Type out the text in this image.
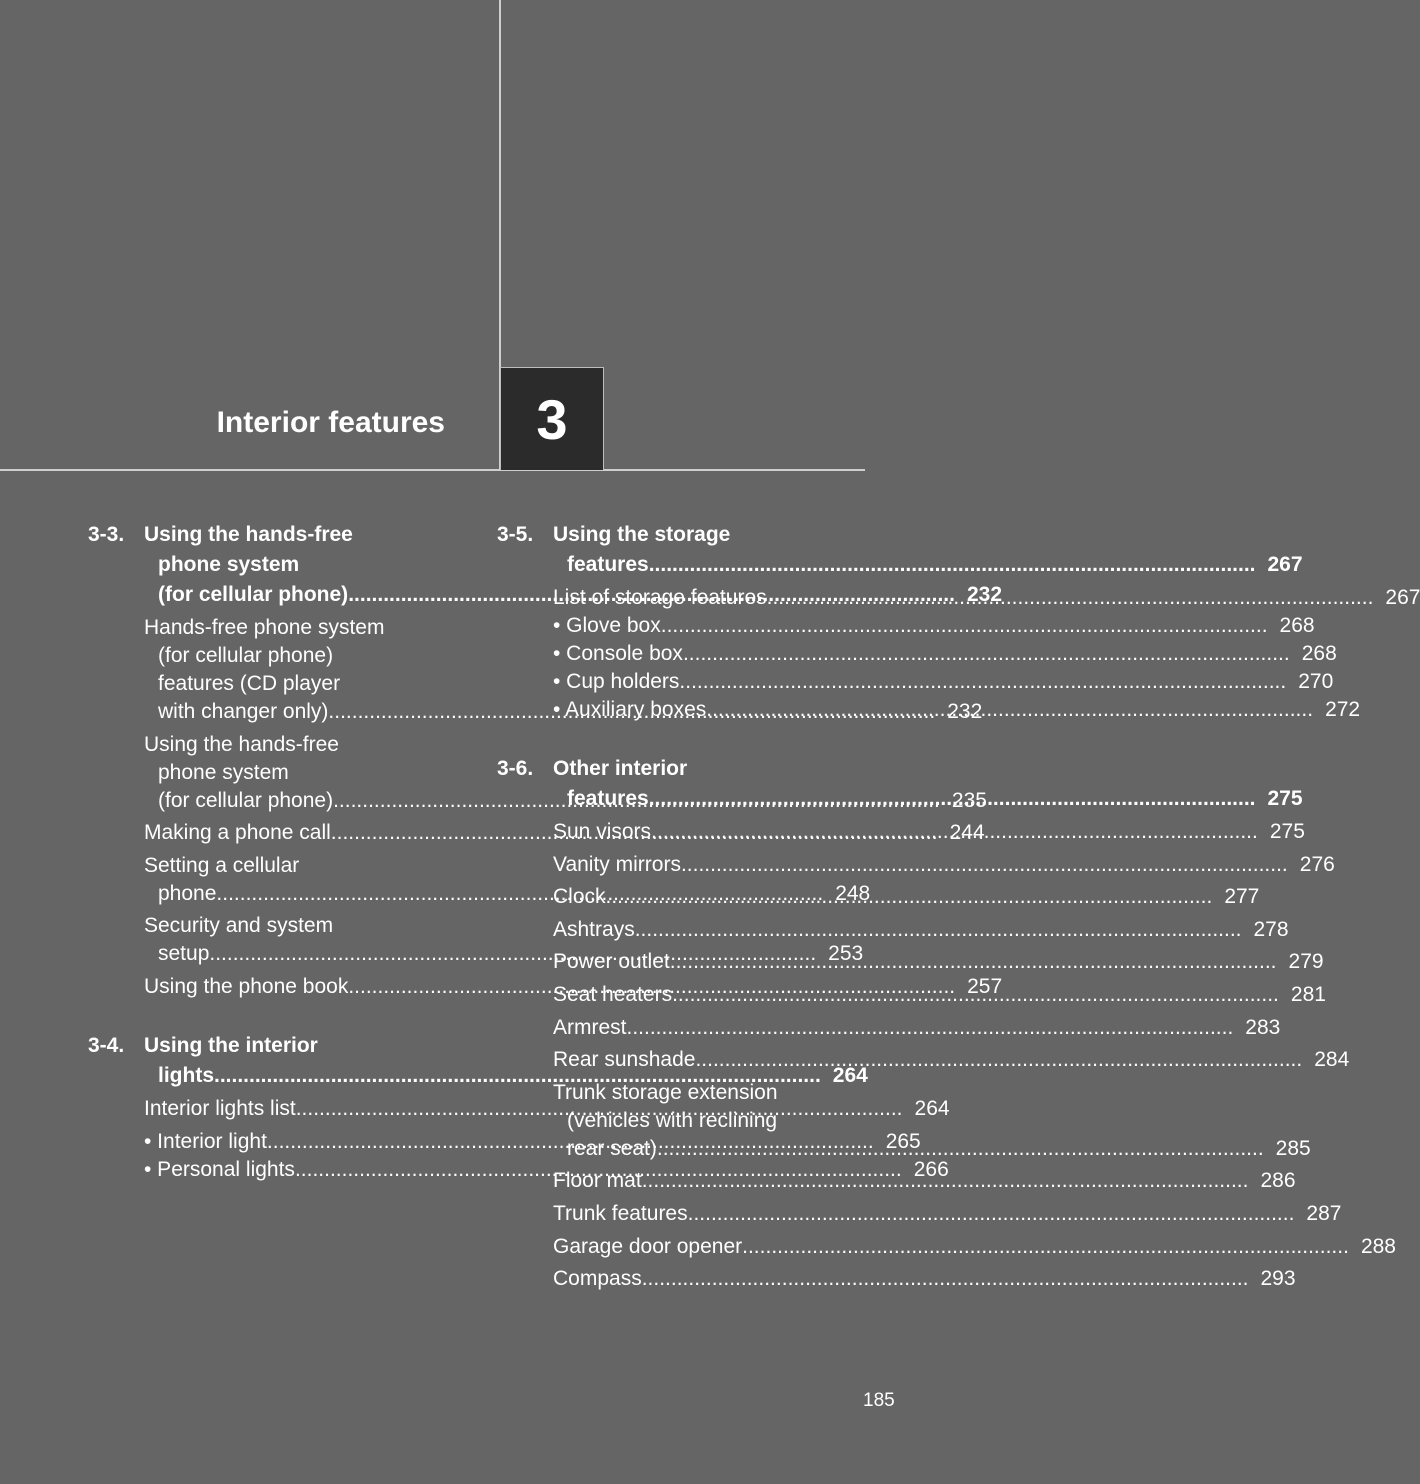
Interior features 3
3-3. Using the hands-free
phone system
(for cellular phone) .....	232
Hands-free phone system
(for cellular phone)
features (CD player
with changer only) .....	232
Using the hands-free
phone system
(for cellular phone) .....	235
Making a phone call .....	244
Setting a cellular
phone .....	248
Security and system
setup .....	253
Using the phone book .....	257
3-4. Using the interior
lights .....	264
Interior lights list .....	264
• Interior light .....	265
• Personal lights .....	266
3-5. Using the storage
features .....	267
List of storage features .....	267
• Glove box .....	268
• Console box .....	268
• Cup holders .....	270
• Auxiliary boxes .....	272
3-6. Other interior
features .....	275
Sun visors .....	275
Vanity mirrors .....	276
Clock .....	277
Ashtrays .....	278
Power outlet .....	279
Seat heaters .....	281
Armrest .....	283
Rear sunshade .....	284
Trunk storage extension
(vehicles with reclining
rear seat) .....	285
Floor mat .....	286
Trunk features .....	287
Garage door opener .....	288
Compass .....	293
185
